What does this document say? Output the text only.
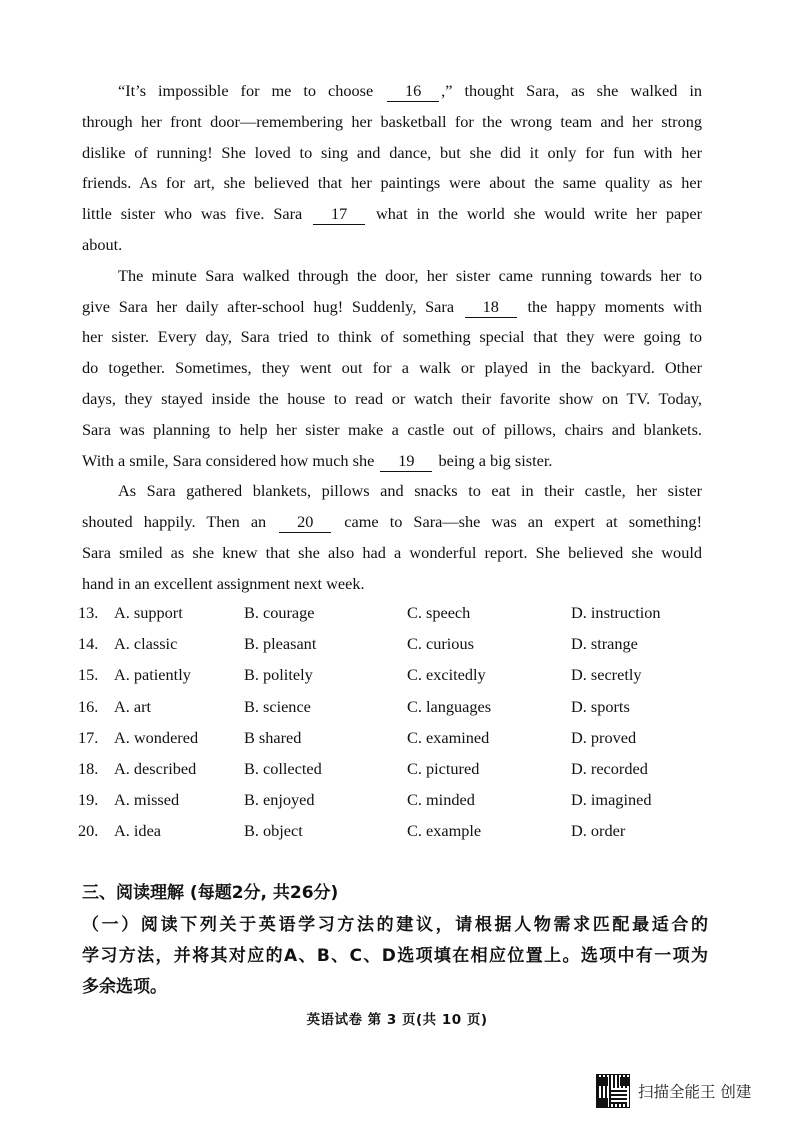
“It’s impossible for me to choose 16 ,” thought Sara, as she walked in
through her front door—remembering her basketball for the wrong team and her strong
dislike of running! She loved to sing and dance, but she did it only for fun with her
friends. As for art, she believed that her paintings were about the same quality as her
little sister who was five. Sara 17 what in the world she would write her paper
about.
The minute Sara walked through the door, her sister came running towards her to
give Sara her daily after-school hug! Suddenly, Sara 18 the happy moments with
her sister. Every day, Sara tried to think of something special that they were going to
do together. Sometimes, they went out for a walk or played in the backyard. Other
days, they stayed inside the house to read or watch their favorite show on TV. Today,
Sara was planning to help her sister make a castle out of pillows, chairs and blankets.
With a smile, Sara considered how much she 19 being a big sister.
As Sara gathered blankets, pillows and snacks to eat in their castle, her sister
shouted happily. Then an 20 came to Sara—she was an expert at something!
Sara smiled as she knew that she also had a wonderful report. She believed she would
hand in an excellent assignment next week.
13. A. support	B. courage	C. speech	D. instruction
14. A. classic	B. pleasant	C. curious	D. strange
15. A. patiently	B. politely	C. excitedly	D. secretly
16. A. art	B. science	C. languages	D. sports
17. A. wondered	B shared	C. examined	D. proved
18. A. described	B. collected	C. pictured	D. recorded
19. A. missed	B. enjoyed	C. minded	D. imagined
20. A. idea	B. object	C. example	D. order
三、阅读理解 (每题2分, 共26分)
（一）阅读下列关于英语学习方法的建议，请根据人物需求匹配最适合的
学习方法，并将其对应的A、B、C、D选项填在相应位置上。选项中有一项为
多余选项。
英语试卷 第 3 页(共 10 页)
扫描全能王 创建
